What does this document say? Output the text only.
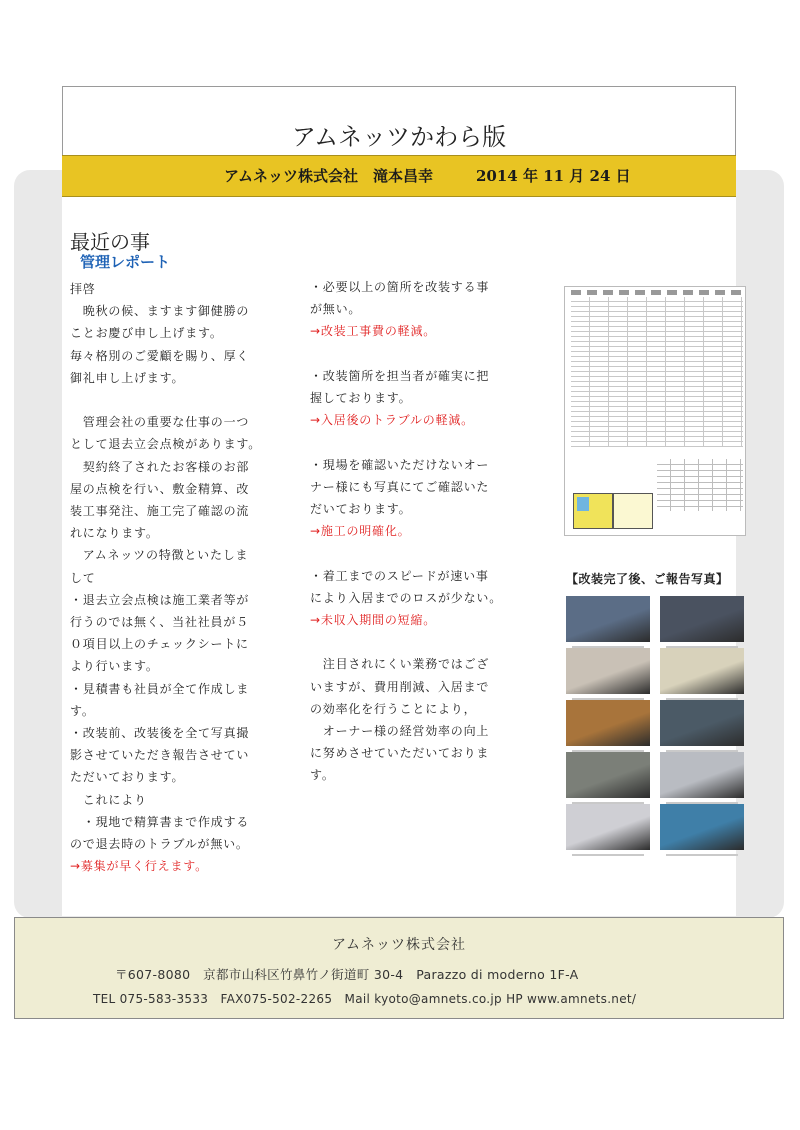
アムネッツかわら版
アムネッツ株式会社　滝本昌幸	2014 年 11 月 24 日
最近の事
管理レポート

拝啓

　晩秋の候、ますます御健勝の

ことお慶び申し上げます。

毎々格別のご愛顧を賜り、厚く

御礼申し上げます。

　管理会社の重要な仕事の一つ

として退去立会点検があります。

　契約終了されたお客様のお部

屋の点検を行い、敷金精算、改

装工事発注、施工完了確認の流

れになります。

　アムネッツの特徴といたしま

して

・退去立会点検は施工業者等が

行うのでは無く、当社社員が５

０項目以上のチェックシートに

より行います。

・見積書も社員が全て作成しま

す。

・改装前、改装後を全て写真撮

影させていただき報告させてい

ただいております。

　これにより

　・現地で精算書まで作成する

ので退去時のトラブルが無い。

→募集が早く行えます。

・必要以上の箇所を改装する事

が無い。

→改装工事費の軽減。

・改装箇所を担当者が確実に把

握しております。

→入居後のトラブルの軽減。

・現場を確認いただけないオー

ナー様にも写真にてご確認いた

だいております。

→施工の明確化。

・着工までのスピードが速い事

により入居までのロスが少ない。

→未収入期間の短縮。

　注目されにくい業務ではござ

いますが、費用削減、入居まで

の効率化を行うことにより，

　オーナー様の経営効率の向上

に努めさせていただいておりま

す。

【改装完了後、ご報告写真】
アムネッツ株式会社
〒607-8080　京都市山科区竹鼻竹ノ街道町 30-4　Parazzo di moderno 1F-A
TEL 075-583-3533　FAX075-502-2265　Mail kyoto@amnets.co.jp HP www.amnets.net/
